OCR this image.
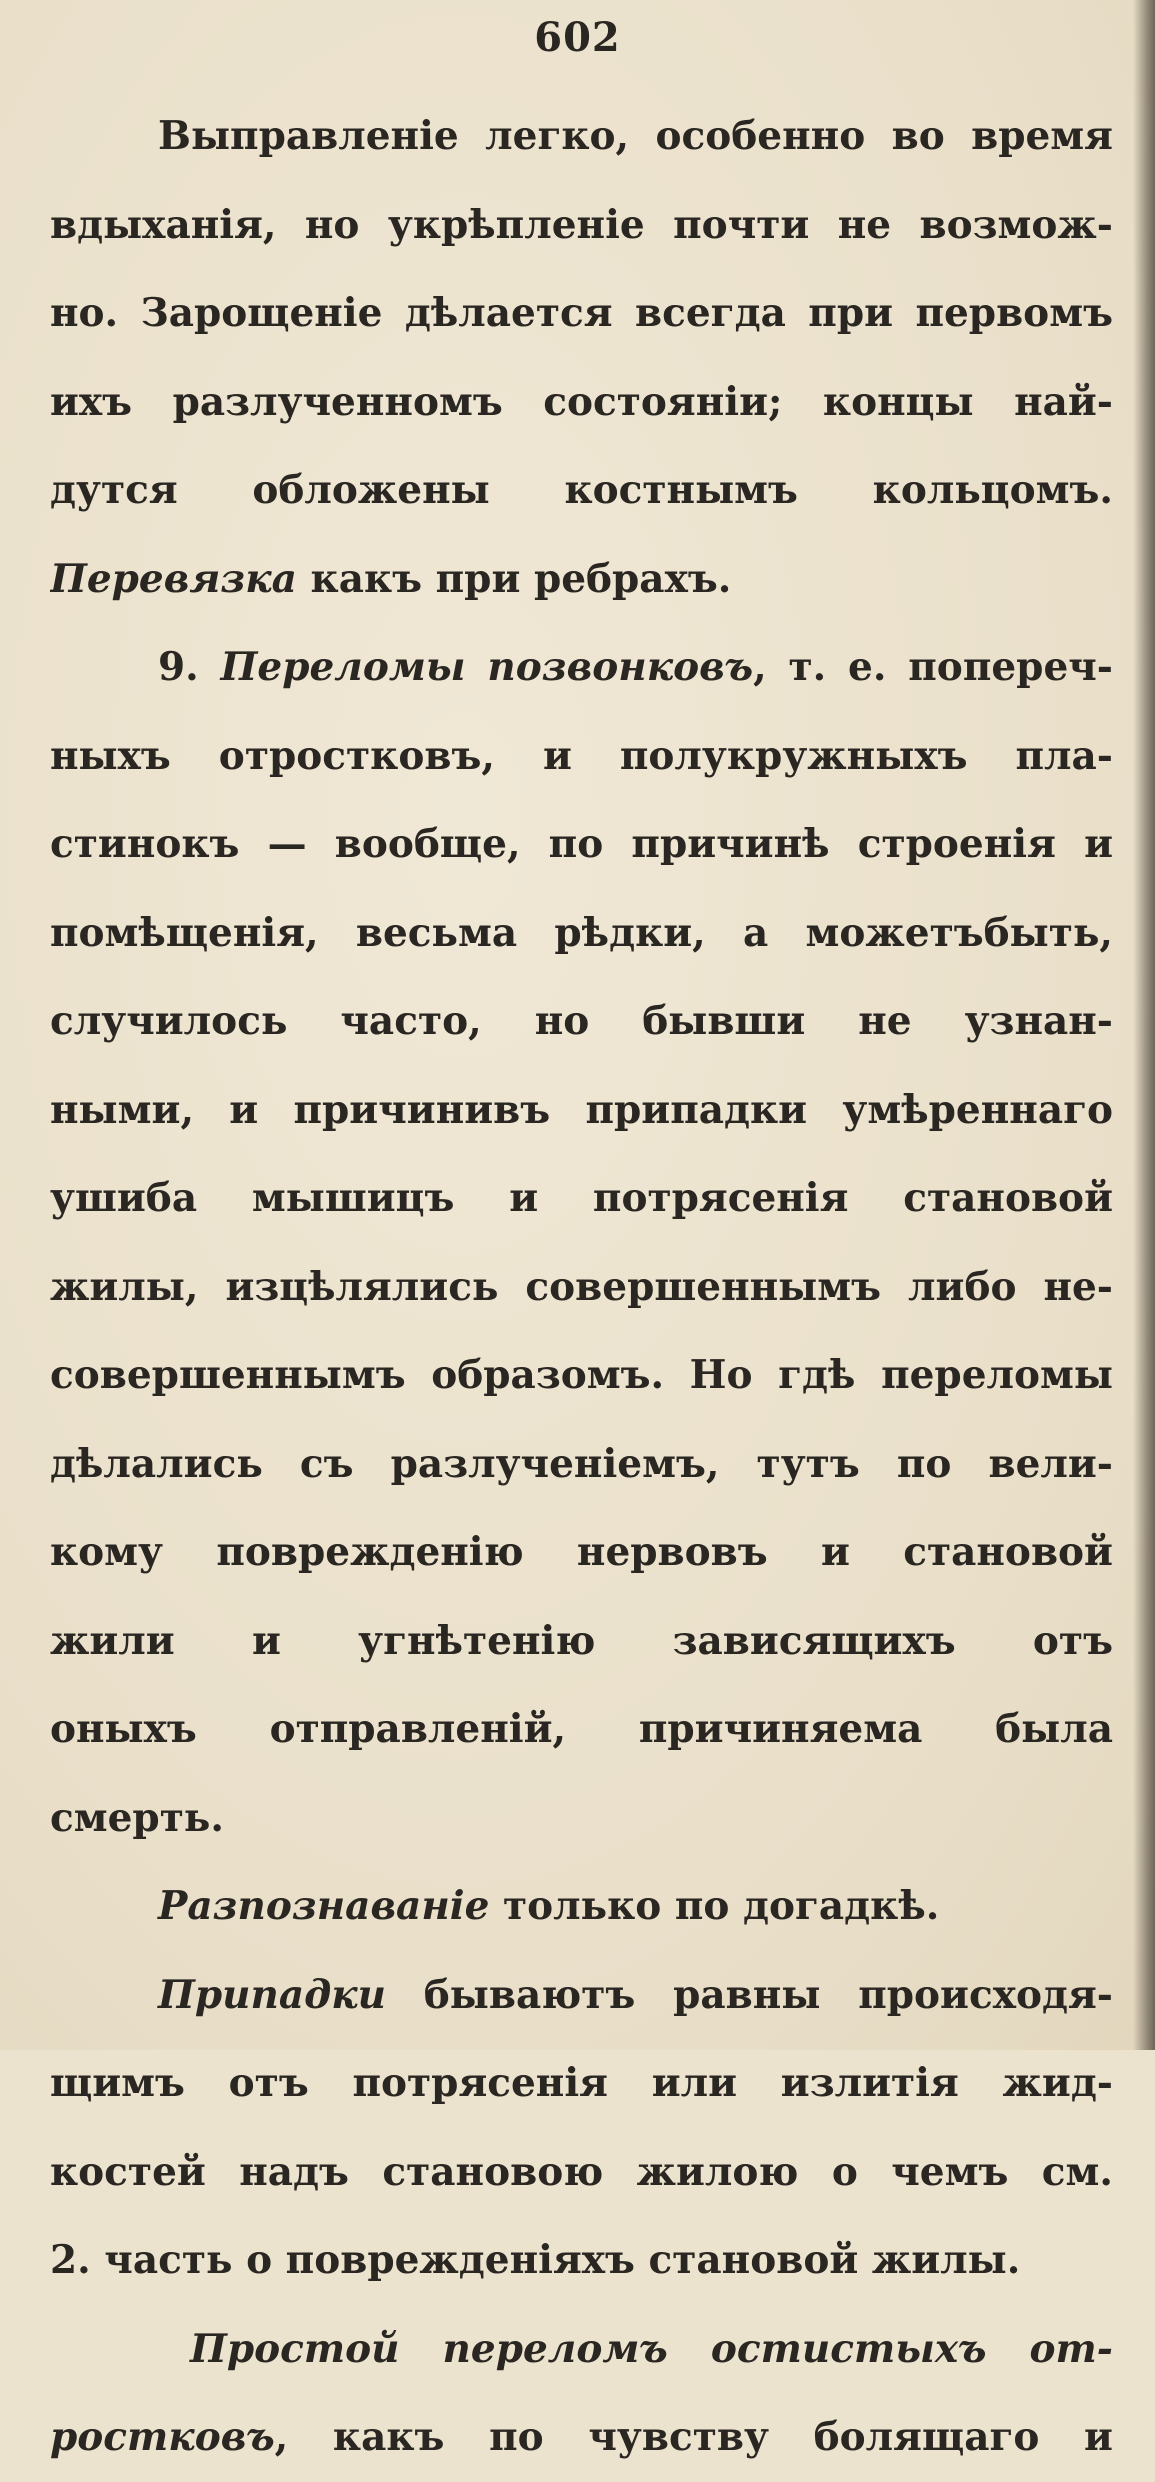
602
Выправленіе легко, особенно во время
вдыханія, но укрѣпленіе почти не возмож-
но. Зарощеніе дѣлается всегда при первомъ
ихъ разлученномъ состояніи; концы най-
дутся обложены костнымъ кольцомъ.
Перевязка какъ при ребрахъ.
9. Переломы позвонковъ, т. е. попереч-
ныхъ отростковъ, и полукружныхъ пла-
стинокъ — вообще, по причинѣ строенія и
помѣщенія, весьма рѣдки, а можетъбыть,
случилось часто, но бывши не узнан-
ными, и причинивъ припадки умѣреннаго
ушиба мышицъ и потрясенія становой
жилы, изцѣлялись совершеннымъ либо не-
совершеннымъ образомъ. Но гдѣ переломы
дѣлались съ разлученіемъ, тутъ по вели-
кому поврежденію нервовъ и становой
жили и угнѣтенію зависящихъ отъ
оныхъ отправленій, причиняема была
смерть.
Разпознаваніе только по догадкѣ.
Припадки бываютъ равны происходя-
щимъ отъ потрясенія или излитія жид-
костей надъ становою жилою о чемъ см.
2. часть о поврежденіяхъ становой жилы.
Простой переломъ остистыхъ от-
ростковъ, какъ по чувству болящаго и
